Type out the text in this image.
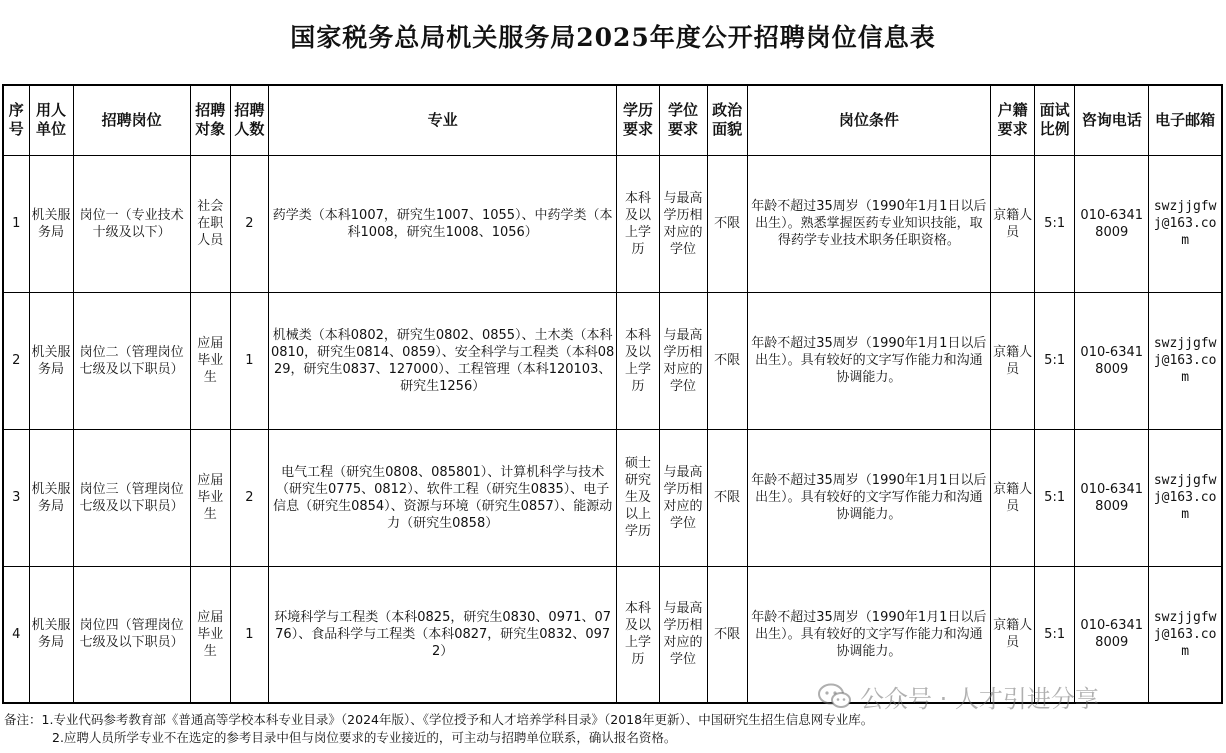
国家税务总局机关服务局2025年度公开招聘岗位信息表
序号	用人单位	招聘岗位	招聘对象	招聘人数	专业	学历要求	学位要求	政治面貌	岗位条件	户籍要求	面试比例	咨询电话	电子邮箱
1	机关服务局	岗位一（专业技术十级及以下）	社会在职人员	2	药学类（本科1007，研究生1007、1055）、中药学类（本科1008，研究生1008、1056）	本科及以上学历	与最高学历相对应的学位	不限	年龄不超过35周岁（1990年1月1日以后出生）。熟悉掌握医药专业知识技能，取得药学专业技术职务任职资格。	京籍人员	5:1	010-63418009	swzjjgfwj@163.com
2	机关服务局	岗位二（管理岗位七级及以下职员）	应届毕业生	1	机械类（本科0802，研究生0802、0855）、土木类（本科0810，研究生0814、0859）、安全科学与工程类（本科0829，研究生0837、127000）、工程管理（本科120103、研究生1256）	本科及以上学历	与最高学历相对应的学位	不限	年龄不超过35周岁（1990年1月1日以后出生）。具有较好的文字写作能力和沟通协调能力。	京籍人员	5:1	010-63418009	swzjjgfwj@163.com
3	机关服务局	岗位三（管理岗位七级及以下职员）	应届毕业生	2	电气工程（研究生0808、085801）、计算机科学与技术（研究生0775、0812）、软件工程（研究生0835）、电子信息（研究生0854）、资源与环境（研究生0857）、能源动力（研究生0858）	硕士研究生及以上学历	与最高学历相对应的学位	不限	年龄不超过35周岁（1990年1月1日以后出生）。具有较好的文字写作能力和沟通协调能力。	京籍人员	5:1	010-63418009	swzjjgfwj@163.com
4	机关服务局	岗位四（管理岗位七级及以下职员）	应届毕业生	1	环境科学与工程类（本科0825，研究生0830、0971、0776）、食品科学与工程类（本科0827，研究生0832、0972）	本科及以上学历	与最高学历相对应的学位	不限	年龄不超过35周岁（1990年1月1日以后出生）。具有较好的文字写作能力和沟通协调能力。	京籍人员	5:1	010-63418009	swzjjgfwj@163.com
公众号 · 人才引进分享
备注：1.专业代码参考教育部《普通高等学校本科专业目录》（2024年版）、《学位授予和人才培养学科目录》（2018年更新）、中国研究生招生信息网专业库。
2.应聘人员所学专业不在选定的参考目录中但与岗位要求的专业接近的，可主动与招聘单位联系，确认报名资格。
